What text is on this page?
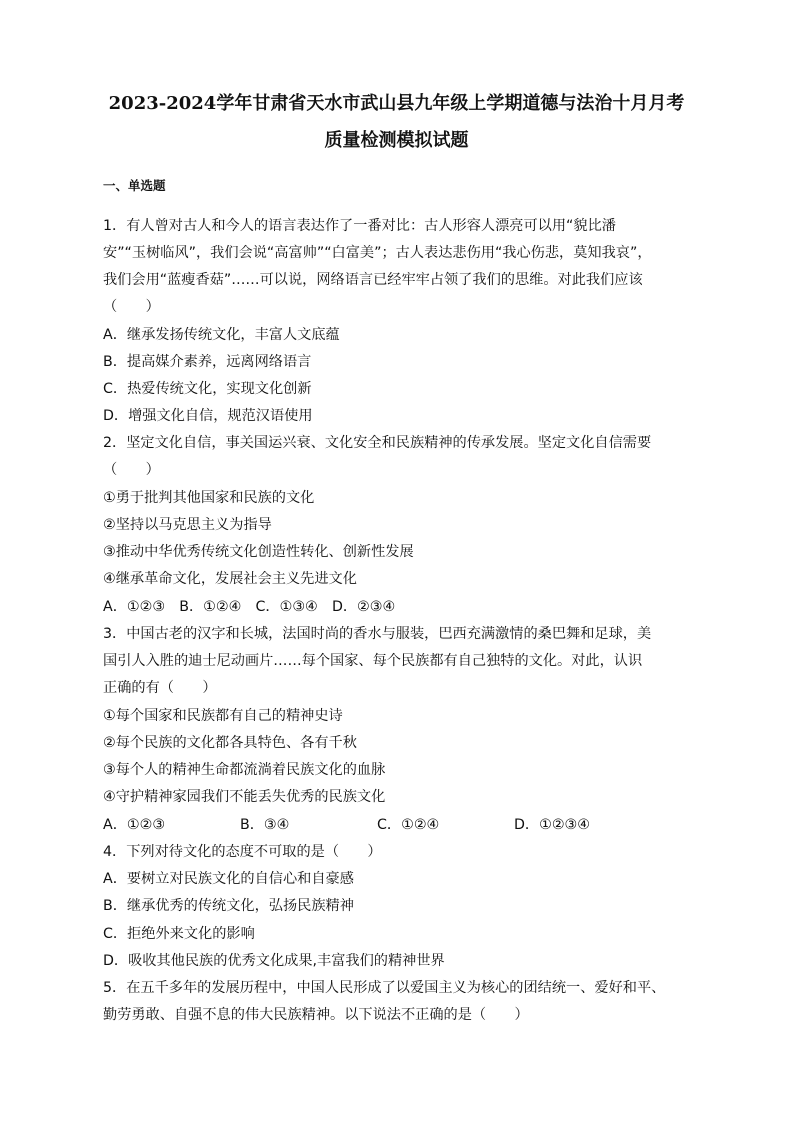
2023-2024学年甘肃省天水市武山县九年级上学期道德与法治十月月考
质量检测模拟试题
一、单选题
1．有人曾对古人和今人的语言表达作了一番对比：古人形容人漂亮可以用“貌比潘
安”“玉树临风”，我们会说“高富帅”“白富美”；古人表达悲伤用“我心伤悲，莫知我哀”，
我们会用“蓝瘦香菇”……可以说，网络语言已经牢牢占领了我们的思维。对此我们应该
（　　）
A．继承发扬传统文化，丰富人文底蕴
B．提高媒介素养，远离网络语言
C．热爱传统文化，实现文化创新
D．增强文化自信，规范汉语使用
2．坚定文化自信，事关国运兴衰、文化安全和民族精神的传承发展。坚定文化自信需要
（　　）
①勇于批判其他国家和民族的文化
②坚持以马克思主义为指导
③推动中华优秀传统文化创造性转化、创新性发展
④继承革命文化，发展社会主义先进文化
A．①②③　B．①②④　C．①③④　D．②③④
3．中国古老的汉字和长城，法国时尚的香水与服装，巴西充满激情的桑巴舞和足球，美
国引人入胜的迪士尼动画片……每个国家、每个民族都有自己独特的文化。对此，认识
正确的有（　　）
①每个国家和民族都有自己的精神史诗
②每个民族的文化都各具特色、各有千秋
③每个人的精神生命都流淌着民族文化的血脉
④守护精神家园我们不能丢失优秀的民族文化
A．①②③	B．③④	C．①②④	D．①②③④
4．下列对待文化的态度不可取的是（　　）
A．要树立对民族文化的自信心和自豪感
B．继承优秀的传统文化，弘扬民族精神
C．拒绝外来文化的影响
D．吸收其他民族的优秀文化成果,丰富我们的精神世界
5．在五千多年的发展历程中，中国人民形成了以爱国主义为核心的团结统一、爱好和平、
勤劳勇敢、自强不息的伟大民族精神。以下说法不正确的是（　　）
